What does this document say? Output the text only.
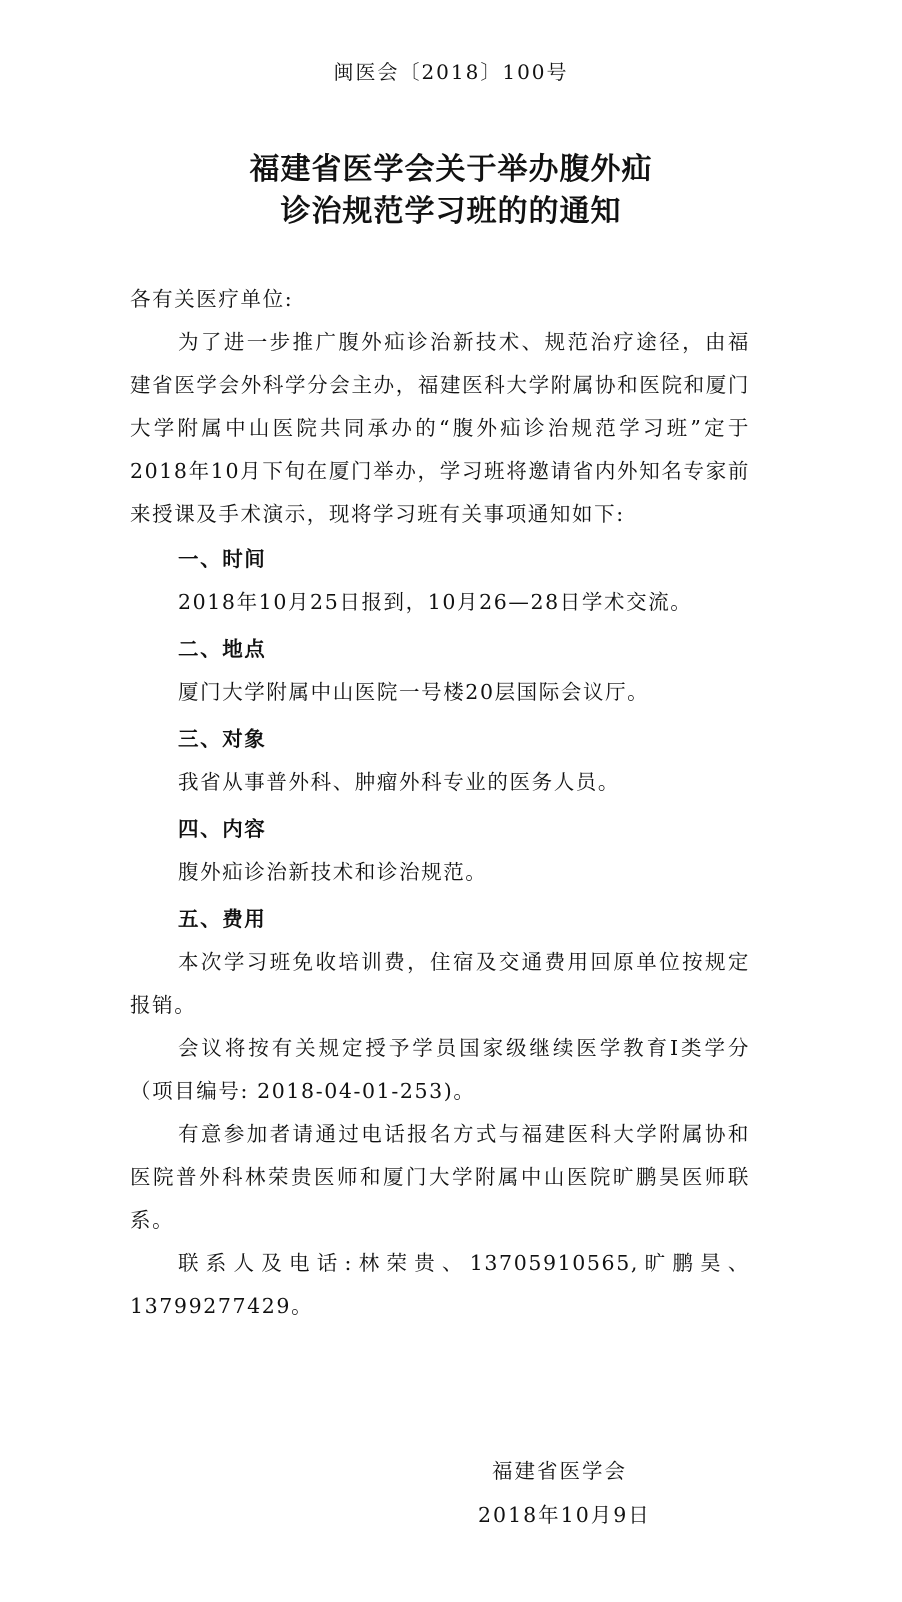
闽医会〔2018〕100号
福建省医学会关于举办腹外疝
诊治规范学习班的的通知

各有关医疗单位:

为了进一步推广腹外疝诊治新技术、规范治疗途径，由福建省医学会外科学分会主办，福建医科大学附属协和医院和厦门大学附属中山医院共同承办的“腹外疝诊治规范学习班”定于2018年10月下旬在厦门举办，学习班将邀请省内外知名专家前来授课及手术演示，现将学习班有关事项通知如下:

一、时间

2018年10月25日报到，10月26—28日学术交流。

二、地点

厦门大学附属中山医院一号楼20层国际会议厅。

三、对象

我省从事普外科、肿瘤外科专业的医务人员。

四、内容

腹外疝诊治新技术和诊治规范。

五、费用

本次学习班免收培训费，住宿及交通费用回原单位按规定报销。

会议将按有关规定授予学员国家级继续医学教育I类学分（项目编号: 2018-04-01-253)。

有意参加者请通过电话报名方式与福建医科大学附属协和医院普外科林荣贵医师和厦门大学附属中山医院旷鹏昊医师联系。

联系人及电话:林荣贵、13705910565,旷鹏昊、13799277429。

福建省医学会
2018年10月9日
